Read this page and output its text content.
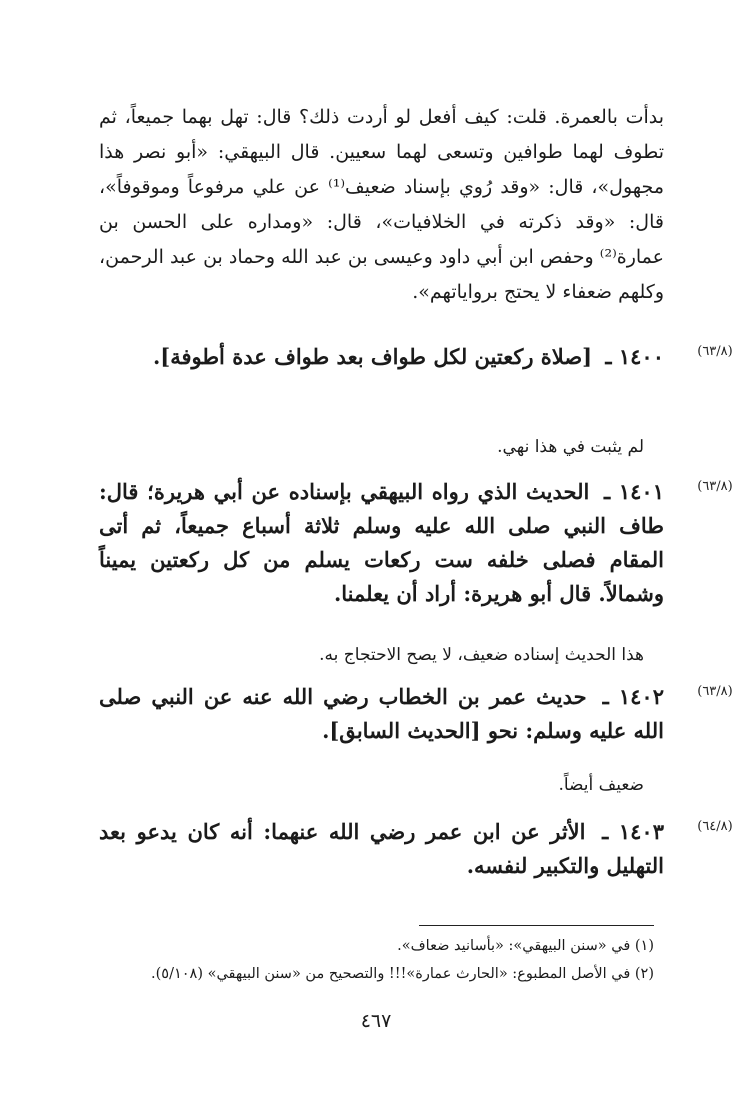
بدأت بالعمرة. قلت: كيف أفعل لو أردت ذلك؟ قال: تهل بهما جميعاً، ثم تطوف لهما طوافين وتسعى لهما سعيين. قال البيهقي: «أبو نصر هذا مجهول»، قال: «وقد رُوي بإسناد ضعيف⁽¹⁾ عن علي مرفوعاً وموقوفاً»، قال: «وقد ذكرته في الخلافيات»، قال: «ومداره على الحسن بن عمارة⁽²⁾ وحفص ابن أبي داود وعيسى بن عبد الله وحماد بن عبد الرحمن، وكلهم ضعفاء لا يحتج برواياتهم».
(٦٣/٨)
١٤٠٠ ـ [صلاة ركعتين لكل طواف بعد طواف عدة أطوفة].
لم يثبت في هذا نهي.
(٦٣/٨)
١٤٠١ ـ الحديث الذي رواه البيهقي بإسناده عن أبي هريرة؛ قال: طاف النبي صلى الله عليه وسلم ثلاثة أسباع جميعاً، ثم أتى المقام فصلى خلفه ست ركعات يسلم من كل ركعتين يميناً وشمالاً. قال أبو هريرة: أراد أن يعلمنا.
هذا الحديث إسناده ضعيف، لا يصح الاحتجاج به.
(٦٣/٨)
١٤٠٢ ـ حديث عمر بن الخطاب رضي الله عنه عن النبي صلى الله عليه وسلم: نحو [الحديث السابق].
ضعيف أيضاً.
(٦٤/٨)
١٤٠٣ ـ الأثر عن ابن عمر رضي الله عنهما: أنه كان يدعو بعد التهليل والتكبير لنفسه.
(١) في «سنن البيهقي»: «بأسانيد ضعاف».
(٢) في الأصل المطبوع: «الحارث عمارة»!!! والتصحيح من «سنن البيهقي» (٥/١٠٨).
٤٦٧
